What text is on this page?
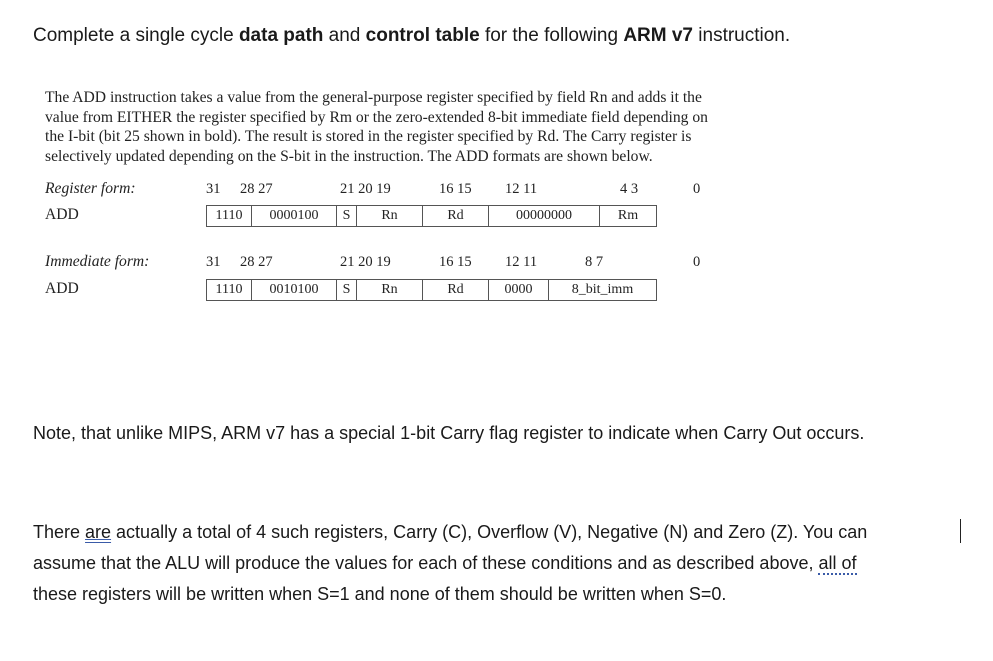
Complete a single cycle data path and control table for the following ARM v7 instruction.
The ADD instruction takes a value from the general-purpose register specified by field Rn and adds it the
value from EITHER the register specified by Rm or the zero-extended 8-bit immediate field depending on
the I-bit (bit 25 shown in bold). The result is stored in the register specified by Rd. The Carry register is
selectively updated depending on the S-bit in the instruction. The ADD formats are shown below.
Register form:	31 28 27	21 20 19	16 15 12 11	4 3	0
ADD	1110	0000100	S	Rn	Rd	00000000	Rm
Immediate form:	31 28 27	21 20 19	16 15 12 11	8 7	0
ADD	1110	0010100	S	Rn	Rd	0000	8_bit_imm
Note, that unlike MIPS, ARM v7 has a special 1-bit Carry flag register to indicate when Carry Out occurs.
There are actually a total of 4 such registers, Carry (C), Overflow (V), Negative (N) and Zero (Z). You can
assume that the ALU will produce the values for each of these conditions and as described above, all of
these registers will be written when S=1 and none of them should be written when S=0.
